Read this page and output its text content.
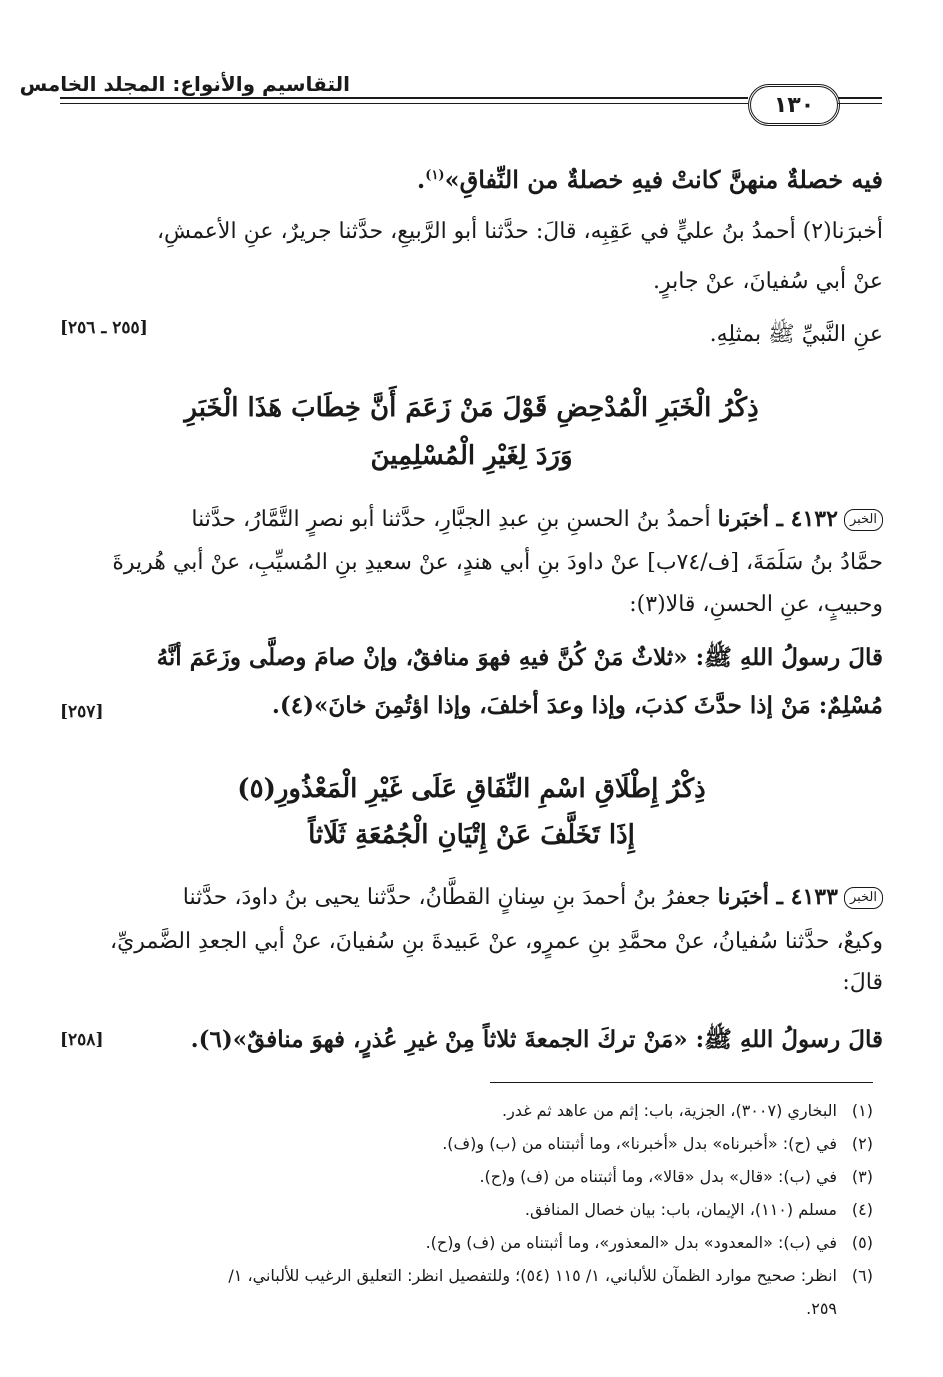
التقاسيم والأنواع: المجلد الخامس
١٣٠
فيه خصلةٌ منهنَّ كانتْ فيهِ خصلةٌ من النِّفاقِ»$^{(١)}$.
أخبرَنا(٢) أحمدُ بنُ عليٍّ في عَقِبِه، قالَ: حدَّثنا أبو الرَّبيعِ، حدَّثنا جريرٌ، عنِ الأعمشِ،
عنْ أبي سُفيانَ، عنْ جابرٍ.
عنِ النَّبيِّ ﷺ بمثلِهِ.
[٢٥٥ ـ ٢٥٦]
ذِكْرُ الْخَبَرِ الْمُدْحِضِ قَوْلَ مَنْ زَعَمَ أَنَّ خِطَابَ هَذَا الْخَبَرِ
وَرَدَ لِغَيْرِ الْمُسْلِمِينَ
الخبر٤١٣٢ ـ أخبَرنا أحمدُ بنُ الحسنِ بنِ عبدِ الجبَّارِ، حدَّثنا أبو نصرٍ التَّمَّارُ، حدَّثنا
حمَّادُ بنُ سَلَمَةَ، [ف/٧٤ب] عنْ داودَ بنِ أبي هندٍ، عنْ سعيدِ بنِ المُسيِّبِ، عنْ أبي هُريرةَ
وحبيبٍ، عنِ الحسنِ، قالا(٣):
قالَ رسولُ اللهِ ﷺ: «ثلاثٌ مَنْ كُنَّ فيهِ فهوَ منافقٌ، وإنْ صامَ وصلَّى وزَعَمَ أنَّهُ
مُسْلِمٌ: مَنْ إذا حدَّثَ كذبَ، وإذا وعدَ أخلفَ، وإذا اؤتُمِنَ خانَ»(٤).
[٢٥٧]
ذِكْرُ إِطْلَاقِ اسْمِ النِّفَاقِ عَلَى غَيْرِ الْمَعْذُورِ(٥)
إِذَا تَخَلَّفَ عَنْ إِتْيَانِ الْجُمُعَةِ ثَلَاثاً
الخبر٤١٣٣ ـ أخبَرنا جعفرُ بنُ أحمدَ بنِ سِنانٍ القطَّانُ، حدَّثنا يحيى بنُ داودَ، حدَّثنا
وكيعٌ، حدَّثنا سُفيانُ، عنْ محمَّدِ بنِ عمرٍو، عنْ عَبيدةَ بنِ سُفيانَ، عنْ أبي الجعدِ الضَّمريِّ،
قالَ:
قالَ رسولُ اللهِ ﷺ: «مَنْ تركَ الجمعةَ ثلاثاً مِنْ غيرِ عُذرٍ، فهوَ منافقٌ»(٦).
[٢٥٨]
(١)البخاري (٣٠٠٧)، الجزية، باب: إثم من عاهد ثم غدر.
(٢)في (ح): «أخبرناه» بدل «أخبرنا»، وما أثبتناه من (ب) و(ف).
(٣)في (ب): «قال» بدل «قالا»، وما أثبتناه من (ف) و(ح).
(٤)مسلم (١١٠)، الإيمان، باب: بيان خصال المنافق.
(٥)في (ب): «المعدود» بدل «المعذور»، وما أثبتناه من (ف) و(ح).
(٦)انظر: صحيح موارد الظمآن للألباني، ١/ ١١٥ (٥٤)؛ وللتفصيل انظر: التعليق الرغيب للألباني، ١/
٢٥٩.
